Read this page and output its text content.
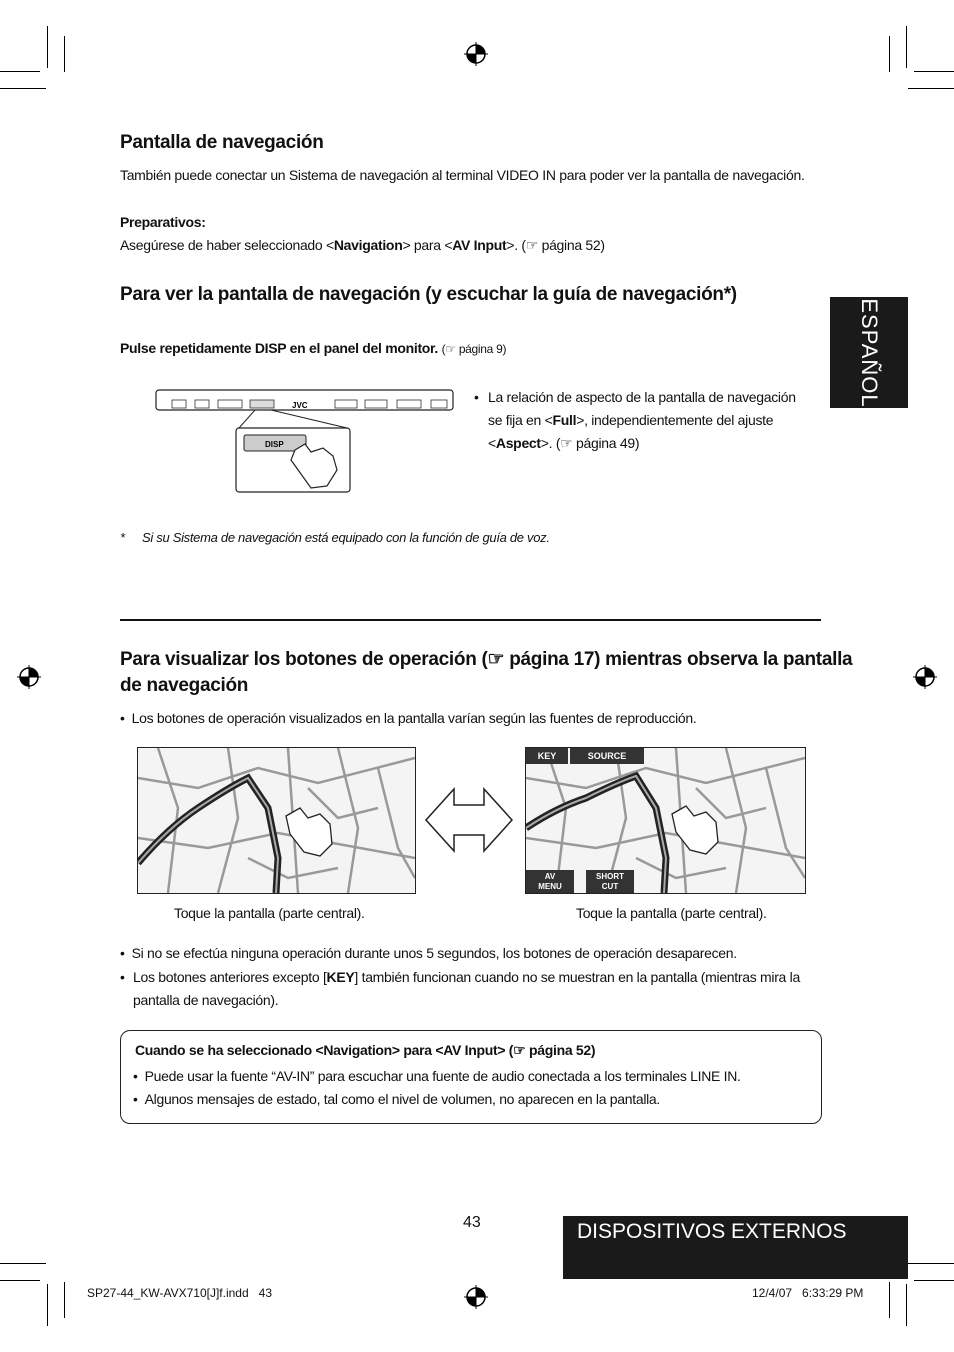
Pantalla de navegación
También puede conectar un Sistema de navegación al terminal VIDEO IN para poder ver la pantalla de navegación.
Preparativos:
Asegúrese de haber seleccionado <Navigation> para <AV Input>. (☞ página 52)
ESPAÑOL
Para ver la pantalla de navegación (y escuchar la guía de navegación*)
Pulse repetidamente DISP en el panel del monitor. (☞ página 9)
JVC
DISP
• La relación de aspecto de la pantalla de navegación
se fija en <Full>, independientemente del ajuste
<Aspect>. (☞ página 49)
* Si su Sistema de navegación está equipado con la función de guía de voz.
Para visualizar los botones de operación (☞ página 17) mientras observa la pantalla
de navegación
• Los botones de operación visualizados en la pantalla varían según las fuentes de reproducción.
KEY	SOURCE
AV
MENU
SHORT
CUT
Toque la pantalla (parte central).	Toque la pantalla (parte central).
• Si no se efectúa ninguna operación durante unos 5 segundos, los botones de operación desaparecen.
• Los botones anteriores excepto [KEY] también funcionan cuando no se muestran en la pantalla (mientras mira la
pantalla de navegación).
Cuando se ha seleccionado <Navigation> para <AV Input> (☞ página 52)
• Puede usar la fuente “AV-IN” para escuchar una fuente de audio conectada a los terminales LINE IN.
• Algunos mensajes de estado, tal como el nivel de volumen, no aparecen en la pantalla.
43	DISPOSITIVOS EXTERNOS
SP27-44_KW-AVX710[J]f.indd   43	12/4/07   6:33:29 PM
